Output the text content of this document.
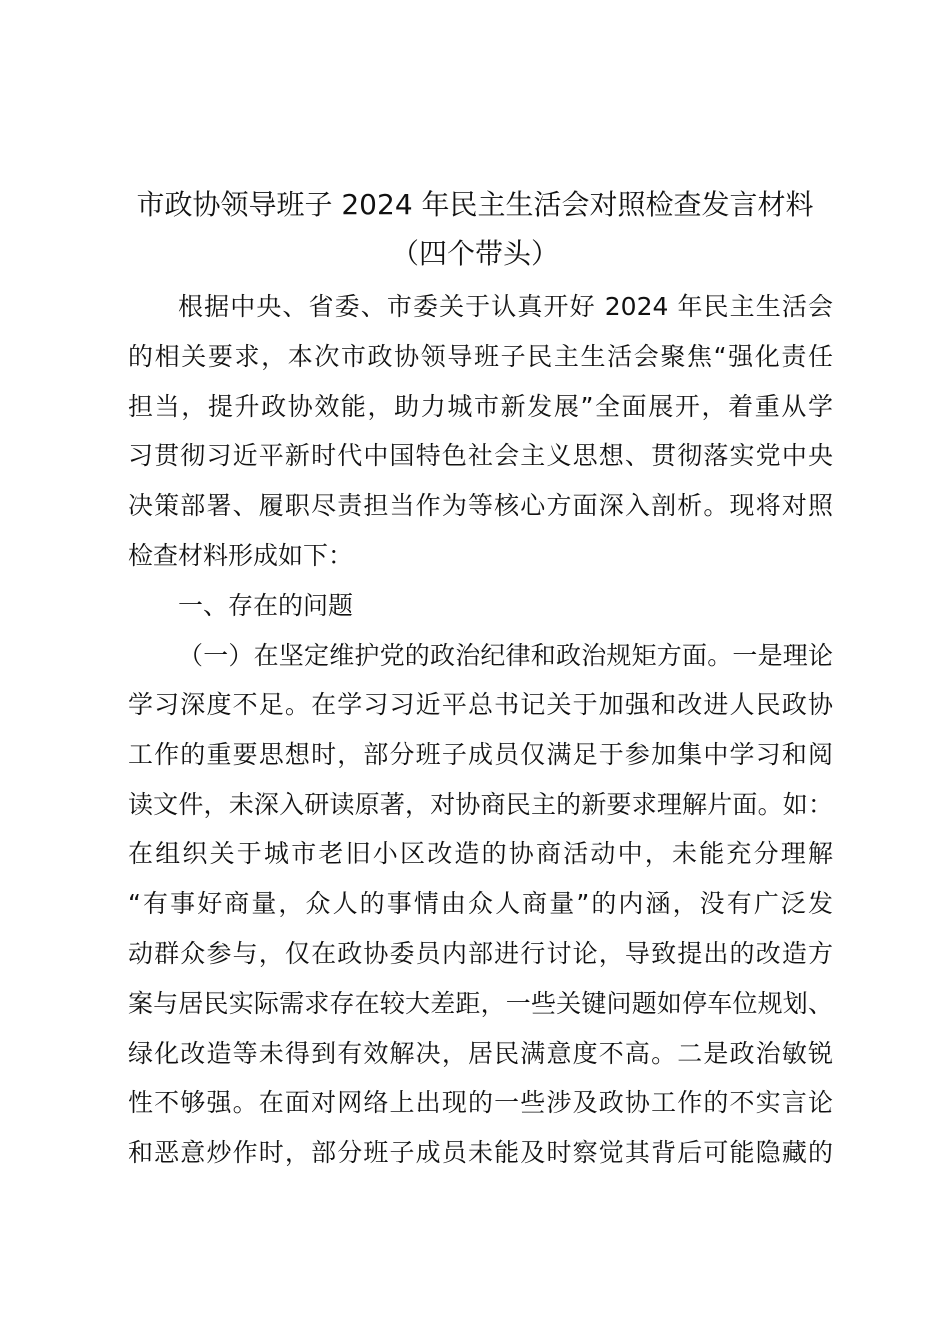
市政协领导班子 2024 年民主生活会对照检查发言材料
（四个带头）

根据中央、省委、市委关于认真开好 2024 年民主生活会

的相关要求，本次市政协领导班子民主生活会聚焦“强化责任

担当，提升政协效能，助力城市新发展”全面展开，着重从学

习贯彻习近平新时代中国特色社会主义思想、贯彻落实党中央

决策部署、履职尽责担当作为等核心方面深入剖析。现将对照

检查材料形成如下：

一、存在的问题

（一）在坚定维护党的政治纪律和政治规矩方面。一是理论

学习深度不足。在学习习近平总书记关于加强和改进人民政协

工作的重要思想时，部分班子成员仅满足于参加集中学习和阅

读文件，未深入研读原著，对协商民主的新要求理解片面。如：

在组织关于城市老旧小区改造的协商活动中，未能充分理解

“有事好商量，众人的事情由众人商量”的内涵，没有广泛发

动群众参与，仅在政协委员内部进行讨论，导致提出的改造方

案与居民实际需求存在较大差距，一些关键问题如停车位规划、

绿化改造等未得到有效解决，居民满意度不高。二是政治敏锐

性不够强。在面对网络上出现的一些涉及政协工作的不实言论

和恶意炒作时，部分班子成员未能及时察觉其背后可能隐藏的
